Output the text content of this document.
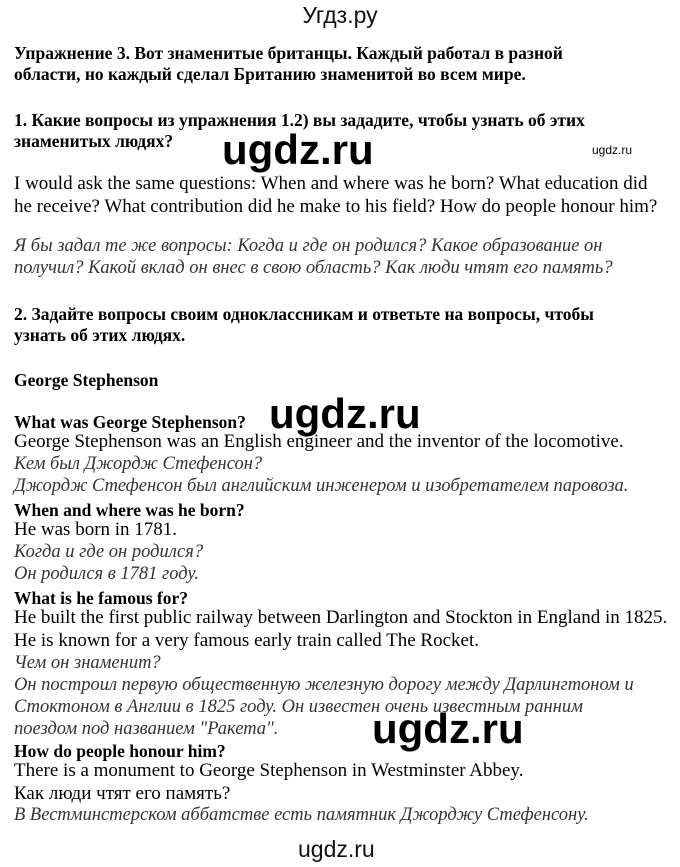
Угдз.ру
Упражнение 3. Вот знаменитые британцы. Каждый работал в разной
области, но каждый сделал Британию знаменитой во всем мире.
1. Какие вопросы из упражнения 1.2) вы зададите, чтобы узнать об этих
знаменитых людях?
I would ask the same questions: When and where was he born? What education did
he receive? What contribution did he make to his field? How do people honour him?
Я бы задал те же вопросы: Когда и где он родился? Какое образование он
получил? Какой вклад он внес в свою область? Как люди чтят его память?
2. Задайте вопросы своим одноклассникам и ответьте на вопросы, чтобы
узнать об этих людях.
George Stephenson
What was George Stephenson?
George Stephenson was an English engineer and the inventor of the locomotive.
Кем был Джордж Стефенсон?
Джордж Стефенсон был английским инженером и изобретателем паровоза.
When and where was he born?
He was born in 1781.
Когда и где он родился?
Он родился в 1781 году.
What is he famous for?
He built the first public railway between Darlington and Stockton in England in 1825.
He is known for a very famous early train called The Rocket.
Чем он знаменит?
Он построил первую общественную железную дорогу между Дарлингтоном и
Стоктоном в Англии в 1825 году. Он известен очень известным ранним
поездом под названием "Ракета".
How do people honour him?
There is a monument to George Stephenson in Westminster Abbey.
Как люди чтят его память?
В Вестминстерском аббатстве есть памятник Джорджу Стефенсону.
ugdz.ru	ugdz.ru
ugdz.ru
ugdz.ru
ugdz.ru
